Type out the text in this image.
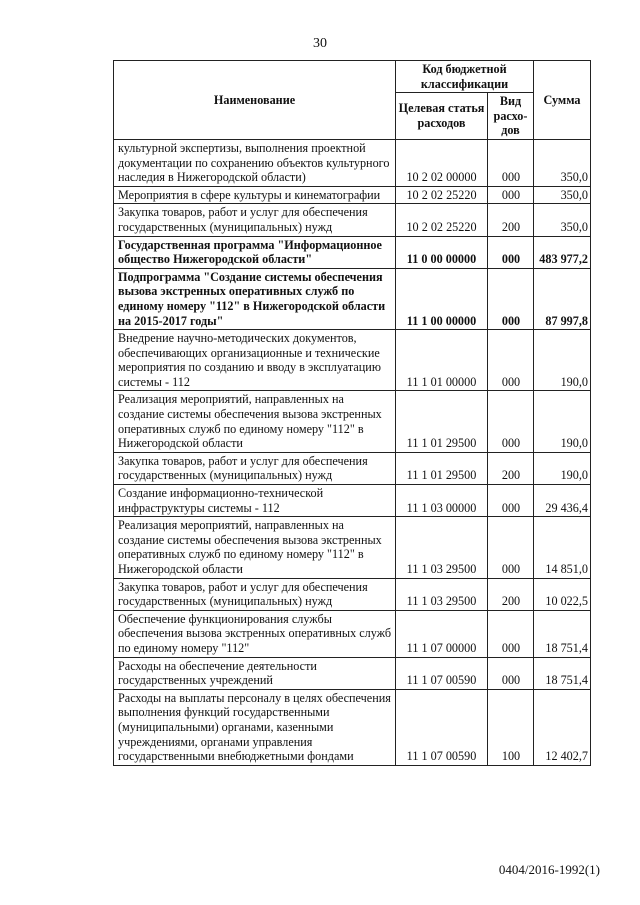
30
Наименование	Код бюджетной классификации		Сумма
	Целевая статья расходов	Вид расхо-дов	
культурной экспертизы, выполнения проектной документации по сохранению объектов культурного наследия в Нижегородской области)	10 2 02 00000	000	350,0
Мероприятия в сфере культуры и кинематографии	10 2 02 25220	000	350,0
Закупка товаров, работ и услуг для обеспечения государственных (муниципальных) нужд	10 2 02 25220	200	350,0
Государственная программа "Информационное общество Нижегородской области"	11 0 00 00000	000	483 977,2
Подпрограмма "Создание системы обеспечения вызова экстренных оперативных служб по единому номеру "112" в Нижегородской области на 2015-2017 годы"	11 1 00 00000	000	87 997,8
Внедрение научно-методических документов, обеспечивающих организационные и технические мероприятия по созданию и вводу в эксплуатацию системы - 112	11 1 01 00000	000	190,0
Реализация мероприятий, направленных на создание системы обеспечения вызова экстренных оперативных служб по единому номеру "112" в Нижегородской области	11 1 01 29500	000	190,0
Закупка товаров, работ и услуг для обеспечения государственных (муниципальных) нужд	11 1 01 29500	200	190,0
Создание информационно-технической инфраструктуры системы - 112	11 1 03 00000	000	29 436,4
Реализация мероприятий, направленных на создание системы обеспечения вызова экстренных оперативных служб по единому номеру "112" в Нижегородской области	11 1 03 29500	000	14 851,0
Закупка товаров, работ и услуг для обеспечения государственных (муниципальных) нужд	11 1 03 29500	200	10 022,5
Обеспечение функционирования службы обеспечения вызова экстренных оперативных служб по единому номеру "112"	11 1 07 00000	000	18 751,4
Расходы на обеспечение деятельности государственных учреждений	11 1 07 00590	000	18 751,4
Расходы на выплаты персоналу в целях обеспечения выполнения функций государственными (муниципальными) органами, казенными учреждениями, органами управления государственными внебюджетными фондами	11 1 07 00590	100	12 402,7
0404/2016-1992(1)
